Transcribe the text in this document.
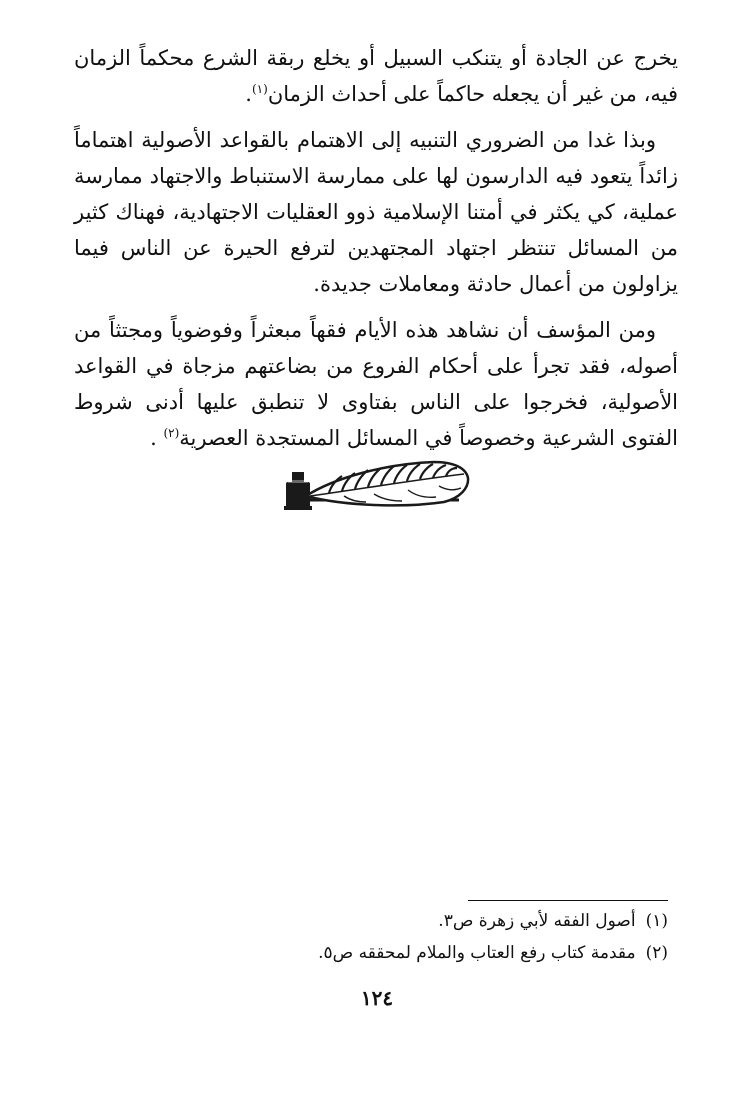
يخرج عن الجادة أو يتنكب السبيل أو يخلع ربقة الشرع محكماً الزمان فيه، من غير أن يجعله حاكماً على أحداث الزمان$^{(١)}$.

وبذا غدا من الضروري التنبيه إلى الاهتمام بالقواعد الأصولية اهتماماً زائداً يتعود فيه الدارسون لها على ممارسة الاستنباط والاجتهاد ممارسة عملية، كي يكثر في أمتنا الإسلامية ذوو العقليات الاجتهادية، فهناك كثير من المسائل تنتظر اجتهاد المجتهدين لترفع الحيرة عن الناس فيما يزاولون من أعمال حادثة ومعاملات جديدة.

ومن المؤسف أن نشاهد هذه الأيام فقهاً مبعثراً وفوضوياً ومجتثاً من أصوله، فقد تجرأ على أحكام الفروع من بضاعتهم مزجاة في القواعد الأصولية، فخرجوا على الناس بفتاوى لا تنطبق عليها أدنى شروط الفتوى الشرعية وخصوصاً في المسائل المستجدة العصرية$^{(٢)}$ .

(١)أصول الفقه لأبي زهرة ص٣.

(٢)مقدمة كتاب رفع العتاب والملام لمحققه ص٥.

١٢٤
